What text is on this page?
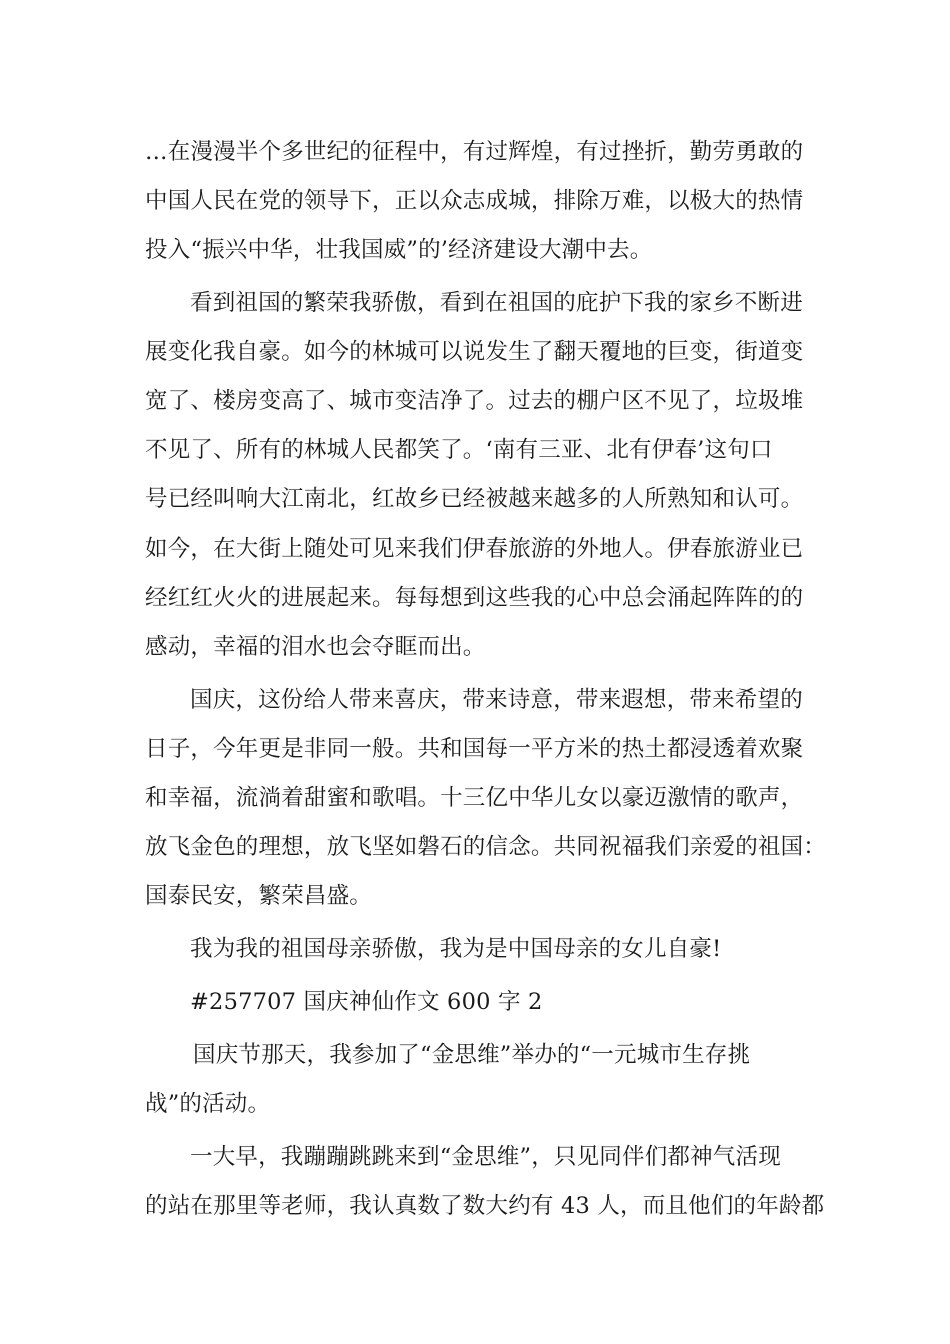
…在漫漫半个多世纪的征程中，有过辉煌，有过挫折，勤劳勇敢的
中国人民在党的领导下，正以众志成城，排除万难，以极大的热情
投入“振兴中华，壮我国威”的’经济建设大潮中去。
看到祖国的繁荣我骄傲，看到在祖国的庇护下我的家乡不断进
展变化我自豪。如今的林城可以说发生了翻天覆地的巨变，街道变
宽了、楼房变高了、城市变洁净了。过去的棚户区不见了，垃圾堆
不见了、所有的林城人民都笑了。‘南有三亚、北有伊春’这句口
号已经叫响大江南北，红故乡已经被越来越多的人所熟知和认可。
如今，在大街上随处可见来我们伊春旅游的外地人。伊春旅游业已
经红红火火的进展起来。每每想到这些我的心中总会涌起阵阵的的
感动，幸福的泪水也会夺眶而出。
国庆，这份给人带来喜庆，带来诗意，带来遐想，带来希望的
日子，今年更是非同一般。共和国每一平方米的热土都浸透着欢聚
和幸福，流淌着甜蜜和歌唱。十三亿中华儿女以豪迈激情的歌声，
放飞金色的理想，放飞坚如磐石的信念。共同祝福我们亲爱的祖国：
国泰民安，繁荣昌盛。
我为我的祖国母亲骄傲，我为是中国母亲的女儿自豪!
#257707 国庆神仙作文 600 字 2
国庆节那天，我参加了“金思维”举办的“一元城市生存挑
战”的活动。
一大早，我蹦蹦跳跳来到“金思维”，只见同伴们都神气活现
的站在那里等老师，我认真数了数大约有 43 人，而且他们的年龄都
